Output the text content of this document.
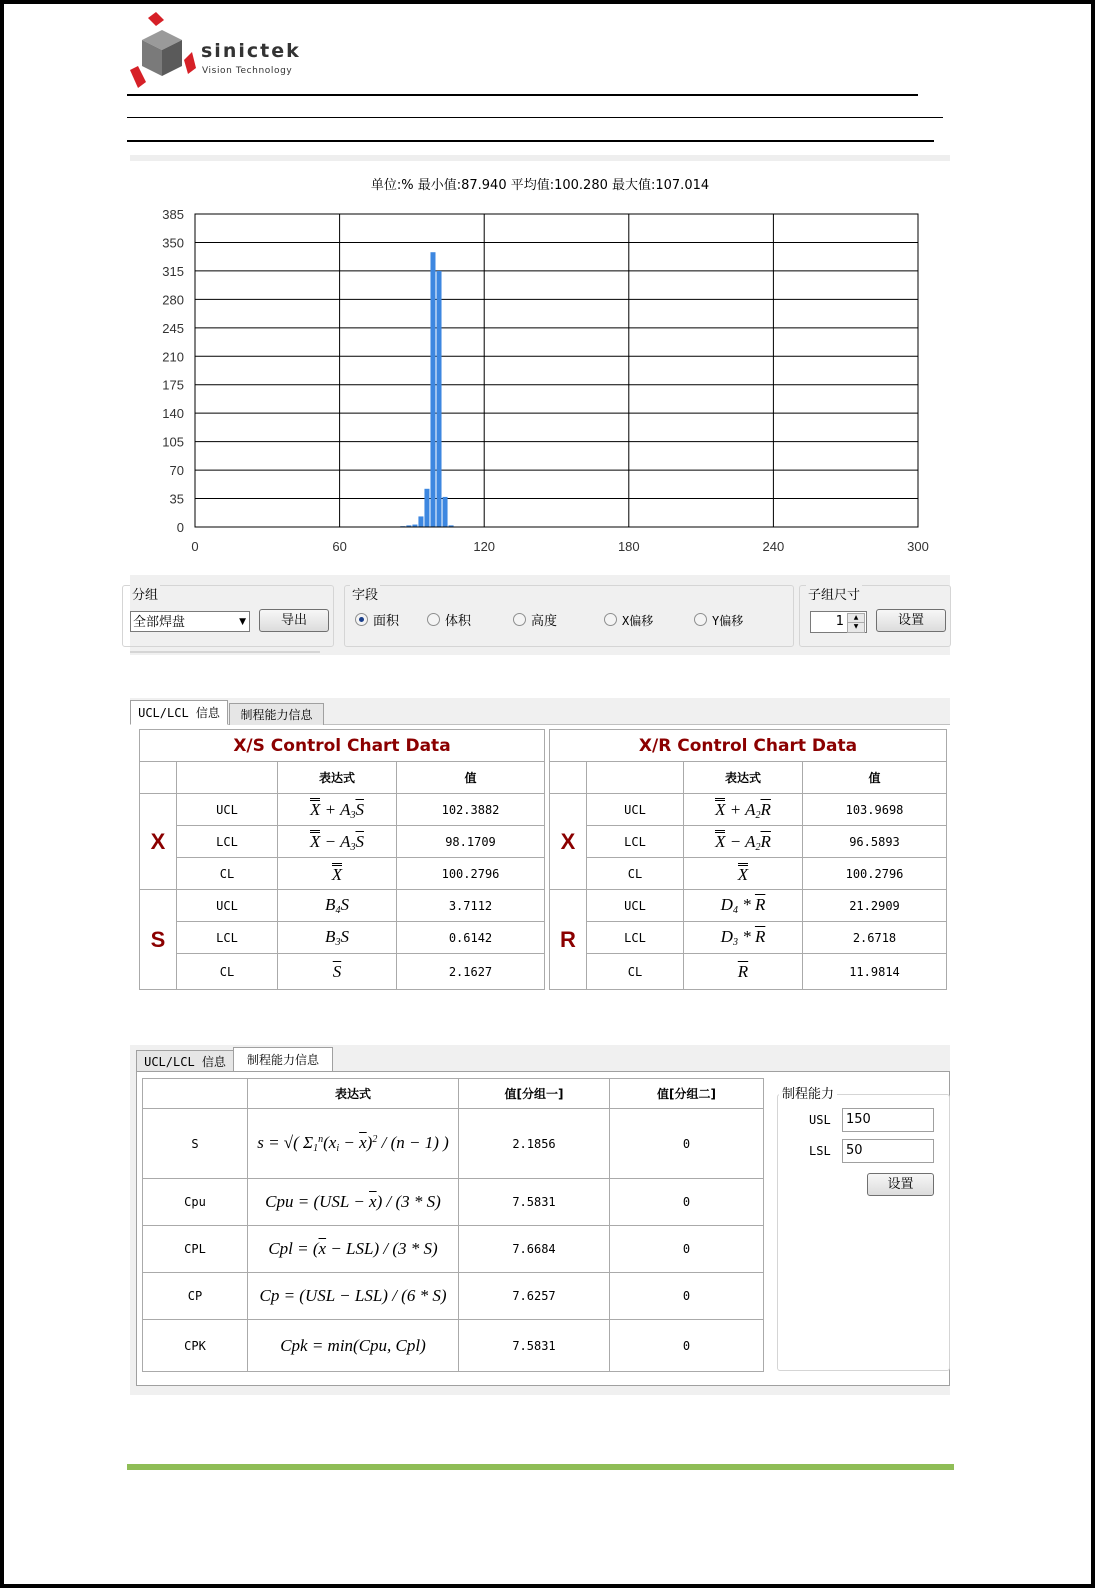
sinictek
Vision Technology
单位:% 最小值:87.940 平均值:100.280 最大值:107.014
0
35
70
105
140
175
210
245
280
315
350
385
0	60	120	180	240	300
分组
全部焊盘	▼	导出
字段
面积	体积	高度	X偏移	Y偏移
子组尺寸
1	▲
▼	设置
UCL/LCL 信息	制程能力信息
X/S Control Chart Data			
		表达式	值
X	UCL	$X + A_3\overline{S}$	102.3882
	LCL	$X - A_3\overline{S}$	98.1709
	CL	X	100.2796
S	UCL	$B_4S$	3.7112
	LCL	$B_3S$	0.6142
	CL	$\overline{S}$	2.1627
X/R Control Chart Data			
		表达式	值
X	UCL	$X + A_2\overline{R}$	103.9698
	LCL	$X - A_2\overline{R}$	96.5893
	CL	X	100.2796
R	UCL	$D_4 * \overline{R}$	21.2909
	LCL	$D_3 * \overline{R}$	2.6718
	CL	$\overline{R}$	11.9814
UCL/LCL 信息	制程能力信息
	表达式	值[分组一]	值[分组二]
S	s = √( $\Sigma_1^n(x_i - \overline{x})^2 / (n - 1)$ )	2.1856	0
Cpu	Cpu = $(USL - \overline{x}) / (3 * S)$	7.5831	0
CPL	Cpl = $(\overline{x} - LSL) / (3 * S)$	7.6684	0
CP	Cp = (USL − LSL) / (6 * S)	7.6257	0
CPK	Cpk = min(Cpu, Cpl)	7.5831	0
制程能力
USL	150
LSL	50
设置
